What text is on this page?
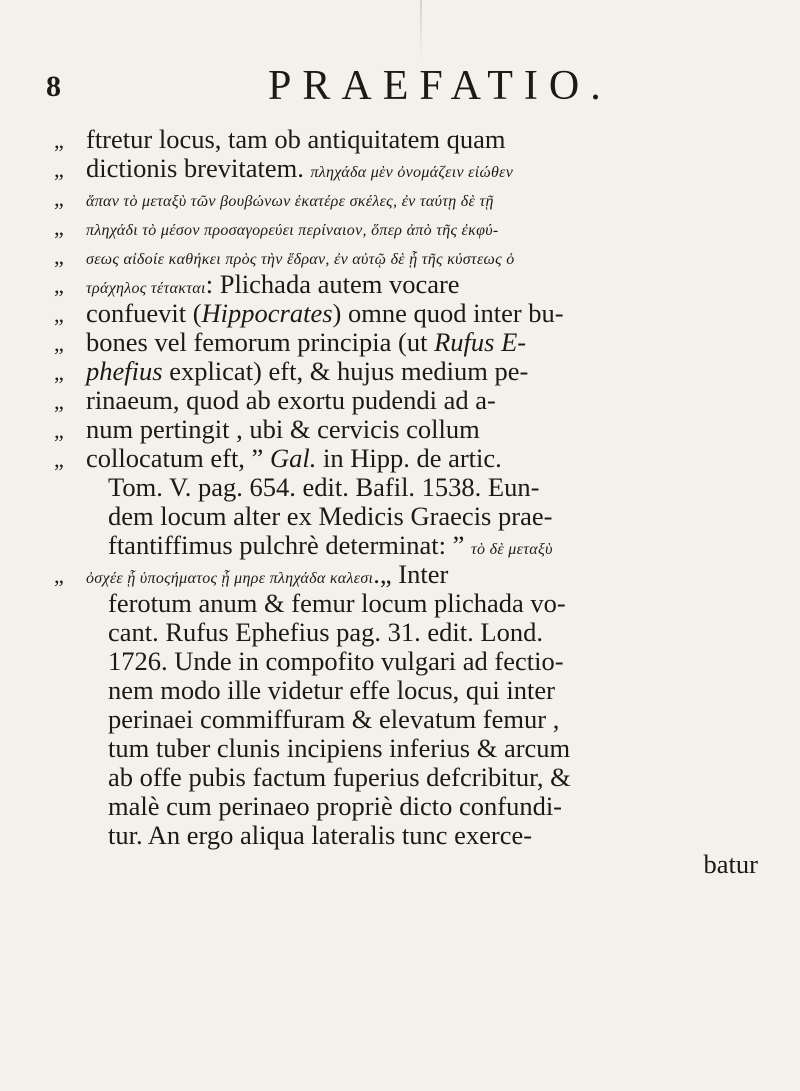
8	PRAEFATIO.
„ ftretur locus, tam ob antiquitatem quam
„ dictionis brevitatem. πληχάδα μὲν ὀνομάζειν εἰώθεν
„ ἅπαν τὸ μεταξὺ τῶν βουβώνων ἑκατέρε σκέλες, ἐν ταύτῃ δὲ τῇ
„ πληχάδι τὸ μέσον προσαγορεύει περίναιον, ὅπερ ἀπὸ τῆς ἐκφύ-
„ σεως αἰδοίε καθήκει πρὸς τὴν ἕδραν, ἐν αὐτῷ δὲ ᾗ τῆς κύστεως ὁ
„ τράχηλος τέτακται: Plichada autem vocare
„ confuevit (Hippocrates) omne quod inter bu-
„ bones vel femorum principia (ut Rufus E-
„ phefius explicat) eft, & hujus medium pe-
„ rinaeum, quod ab exortu pudendi ad a-
„ num pertingit , ubi & cervicis collum
„ collocatum eft, ” Gal. in Hipp. de artic.
Tom. V. pag. 654. edit. Bafil. 1538. Eun-
dem locum alter ex Medicis Graecis prae-
ftantiffimus pulchrè determinat: ” τὸ δὲ μεταξὺ
„ ὀσχέε ᾗ ὑποςήματος ᾗ μηρε πληχάδα καλεσι.„ Inter
ferotum anum & femur locum plichada vo-
cant. Rufus Ephefius pag. 31. edit. Lond.
1726. Unde in compofito vulgari ad fectio-
nem modo ille videtur effe locus, qui inter
perinaei commiffuram & elevatum femur ,
tum tuber clunis incipiens inferius & arcum
ab offe pubis factum fuperius defcribitur, &
malè cum perinaeo propriè dicto confundi-
tur. An ergo aliqua lateralis tunc exerce-
batur
